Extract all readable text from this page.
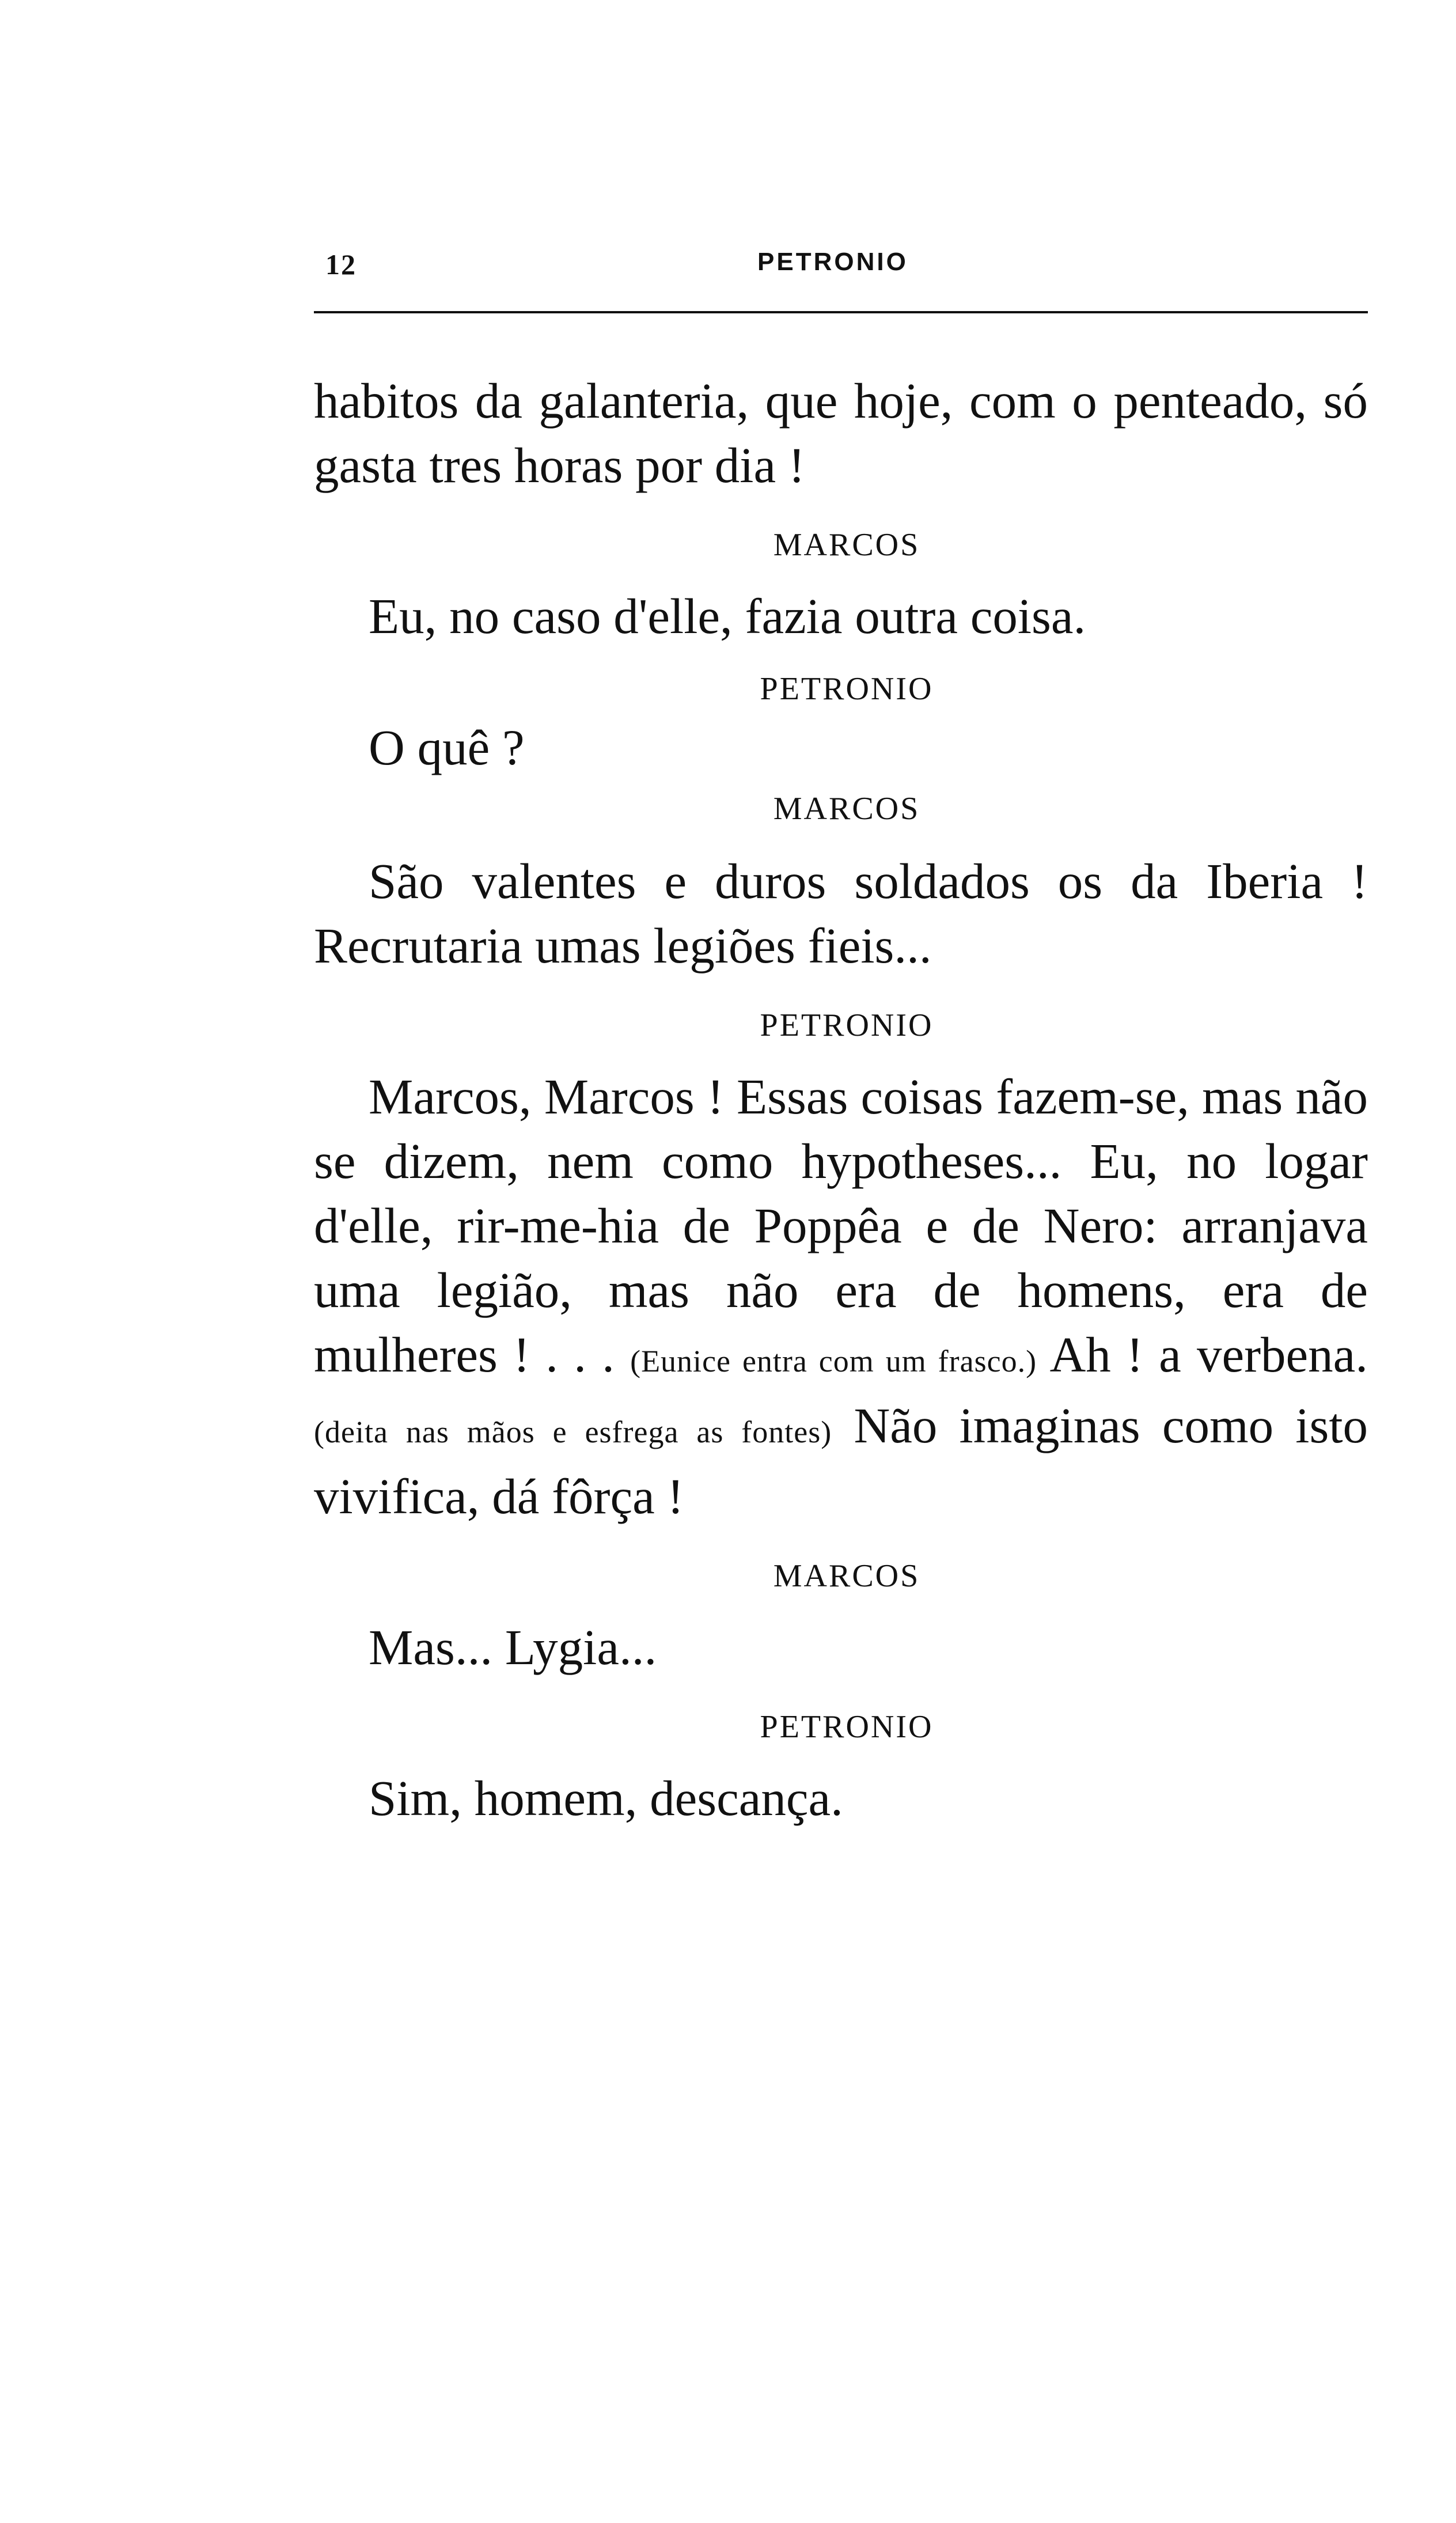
12	PETRONIO

habitos da galanteria, que hoje, com o penteado, só gasta tres horas por dia !

MARCOS

Eu, no caso d'elle, fazia outra coisa.

PETRONIO

O quê ?

MARCOS

São valentes e duros soldados os da Iberia ! Recrutaria umas legiões fieis...

PETRONIO

Marcos, Marcos ! Essas coisas fazem-se, mas não se dizem, nem como hypotheses... Eu, no logar d'elle, rir-me-hia de Poppêa e de Nero: arranjava uma legião, mas não era de homens, era de mulheres ! . . . (Eunice entra com um frasco.) Ah ! a verbena. (deita nas mãos e esfrega as fontes) Não imaginas como isto vivifica, dá fôrça !

MARCOS

Mas... Lygia...

PETRONIO

Sim, homem, descança.
